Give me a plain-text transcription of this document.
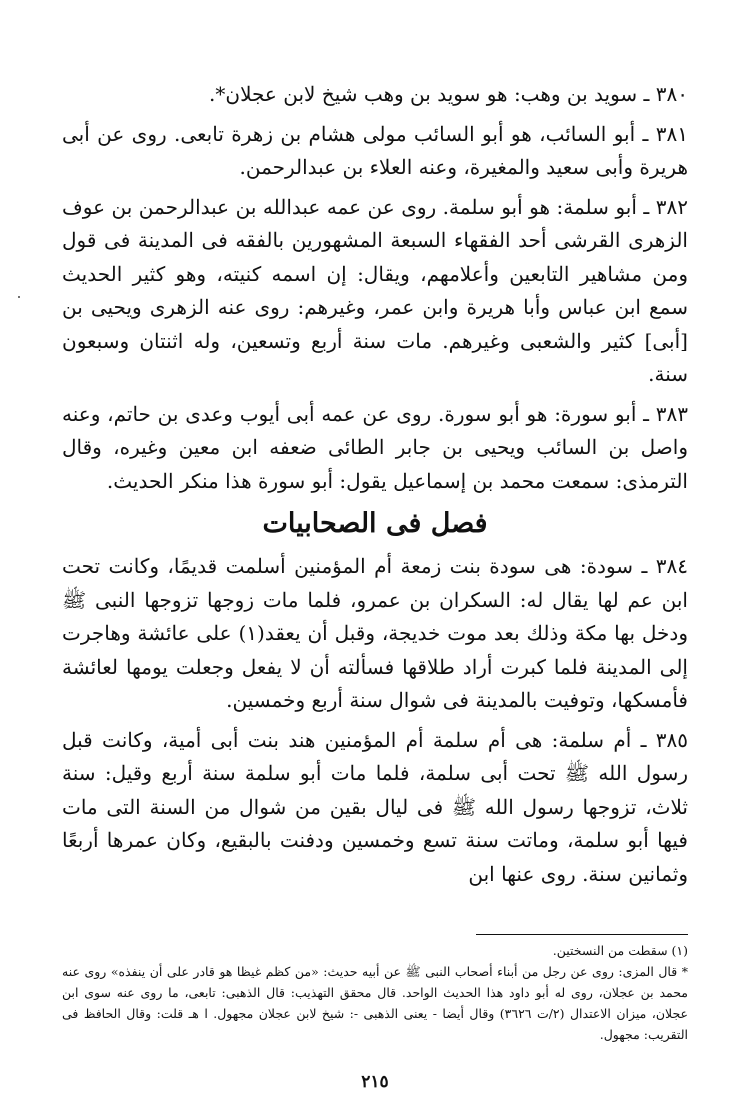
٣٨٠ ـ سويد بن وهب: هو سويد بن وهب شيخ لابن عجلان*.

٣٨١ ـ أبو السائب، هو أبو السائب مولى هشام بن زهرة تابعى. روى عن أبى هريرة وأبى سعيد والمغيرة، وعنه العلاء بن عبدالرحمن.

٣٨٢ ـ أبو سلمة: هو أبو سلمة. روى عن عمه عبدالله بن عبدالرحمن بن عوف الزهرى القرشى أحد الفقهاء السبعة المشهورين بالفقه فى المدينة فى قول ومن مشاهير التابعين وأعلامهم، ويقال: إن اسمه كنيته، وهو كثير الحديث سمع ابن عباس وأبا هريرة وابن عمر، وغيرهم: روى عنه الزهرى ويحيى بن [أبى] كثير والشعبى وغيرهم. مات سنة أربع وتسعين، وله اثنتان وسبعون سنة.

٣٨٣ ـ أبو سورة: هو أبو سورة. روى عن عمه أبى أيوب وعدى بن حاتم، وعنه واصل بن السائب ويحيى بن جابر الطائى ضعفه ابن معين وغيره، وقال الترمذى: سمعت محمد بن إسماعيل يقول: أبو سورة هذا منكر الحديث.

فصل فى الصحابيات

٣٨٤ ـ سودة: هى سودة بنت زمعة أم المؤمنين أسلمت قديمًا، وكانت تحت ابن عم لها يقال له: السكران بن عمرو، فلما مات زوجها تزوجها النبى ﷺ ودخل بها مكة وذلك بعد موت خديجة، وقبل أن يعقد(١) على عائشة وهاجرت إلى المدينة فلما كبرت أراد طلاقها فسألته أن لا يفعل وجعلت يومها لعائشة فأمسكها، وتوفيت بالمدينة فى شوال سنة أربع وخمسين.

٣٨٥ ـ أم سلمة: هى أم سلمة أم المؤمنين هند بنت أبى أمية، وكانت قبل رسول الله ﷺ تحت أبى سلمة، فلما مات أبو سلمة سنة أربع وقيل: سنة ثلاث، تزوجها رسول الله ﷺ فى ليال بقين من شوال من السنة التى مات فيها أبو سلمة، وماتت سنة تسع وخمسين ودفنت بالبقيع، وكان عمرها أربعًا وثمانين سنة. روى عنها ابن

(١) سقطت من النسختين.

* قال المزى: روى عن رجل من أبناء أصحاب النبى ﷺ عن أبيه حديث: «من كظم غيظا هو قادر على أن ينفذه» روى عنه محمد بن عجلان، روى له أبو داود هذا الحديث الواحد. قال محقق التهذيب: قال الذهبى: تابعى، ما روى عنه سوى ابن عجلان، ميزان الاعتدال (٢/ت ٣٦٢٦) وقال أيضا - يعنى الذهبى -: شيخ لابن عجلان مجهول. ا هـ قلت: وقال الحافظ فى التقريب: مجهول.

٢١٥
